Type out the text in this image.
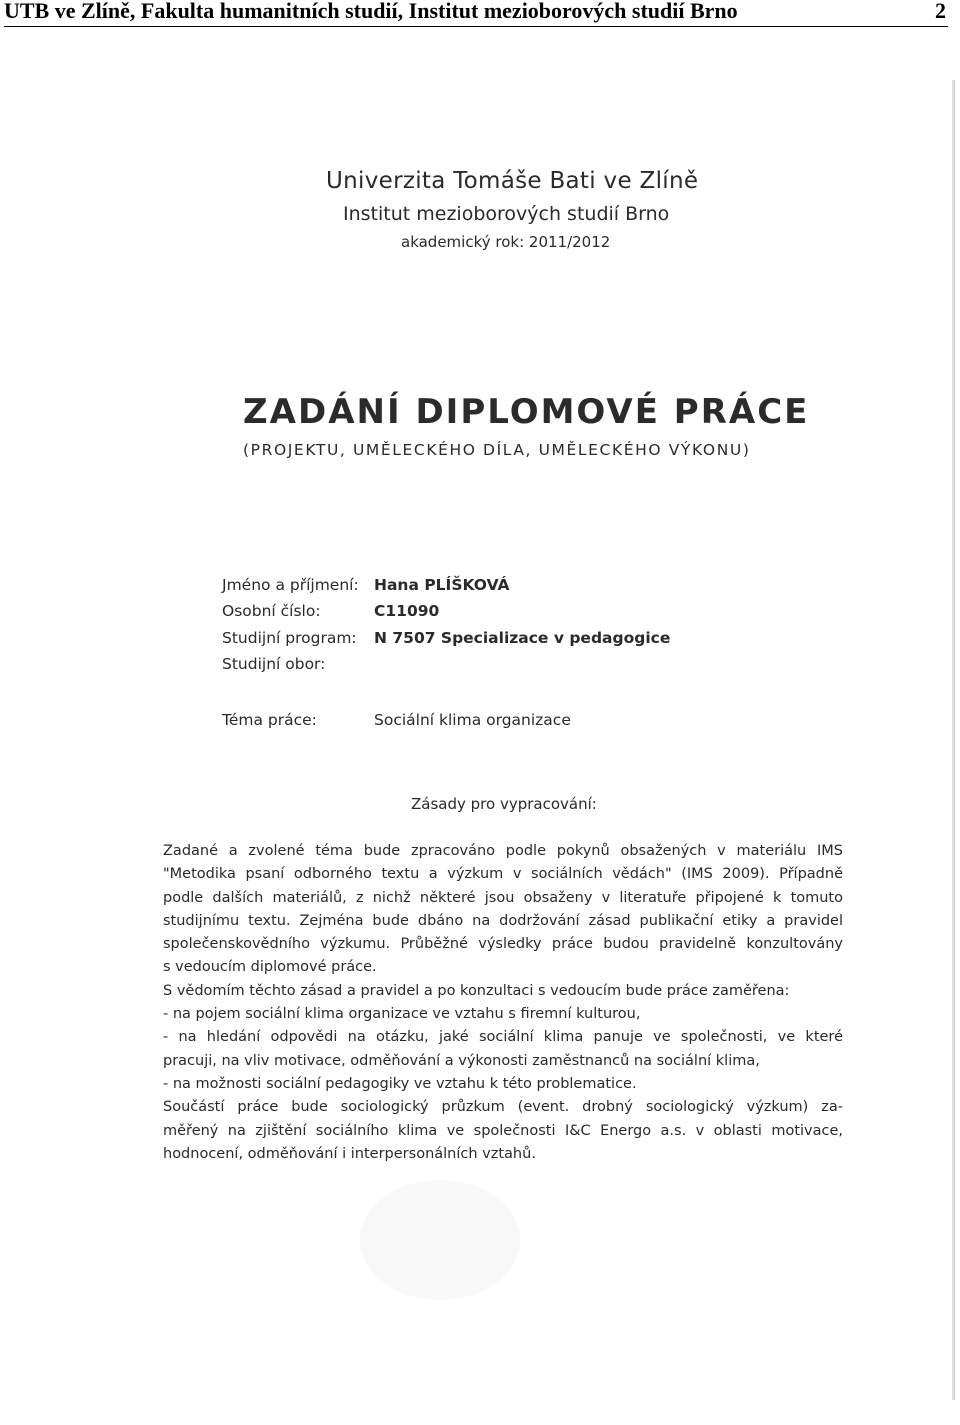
UTB ve Zlíně, Fakulta humanitních studií, Institut mezioborových studií Brno	2
Univerzita Tomáše Bati ve Zlíně
Institut mezioborových studií Brno
akademický rok: 2011/2012
ZADÁNÍ DIPLOMOVÉ PRÁCE
(PROJEKTU, UMĚLECKÉHO DÍLA, UMĚLECKÉHO VÝKONU)
Jméno a příjmení: Hana PLÍŠKOVÁ
Osobní číslo:	C11090
Studijní program: N 7507 Specializace v pedagogice
Studijní obor:
Téma práce:	Sociální klima organizace
Zásady pro vypracování:
Zadané a zvolené téma bude zpracováno podle pokynů obsažených v materiálu IMS
"Metodika psaní odborného textu a výzkum v sociálních vědách" (IMS 2009). Případně
podle dalších materiálů, z nichž některé jsou obsaženy v literatuře připojené k tomuto
studijnímu textu. Zejména bude dbáno na dodržování zásad publikační etiky a pravidel
společenskovědního výzkumu. Průběžné výsledky práce budou pravidelně konzultovány
s vedoucím diplomové práce.
S vědomím těchto zásad a pravidel a po konzultaci s vedoucím bude práce zaměřena:
- na pojem sociální klima organizace ve vztahu s firemní kulturou,
- na hledání odpovědi na otázku, jaké sociální klima panuje ve společnosti, ve které
pracuji, na vliv motivace, odměňování a výkonosti zaměstnanců na sociální klima,
- na možnosti sociální pedagogiky ve vztahu k této problematice.
Součástí práce bude sociologický průzkum (event. drobný sociologický výzkum) za-
měřený na zjištění sociálního klima ve společnosti I&C Energo a.s. v oblasti motivace,
hodnocení, odměňování i interpersonálních vztahů.
